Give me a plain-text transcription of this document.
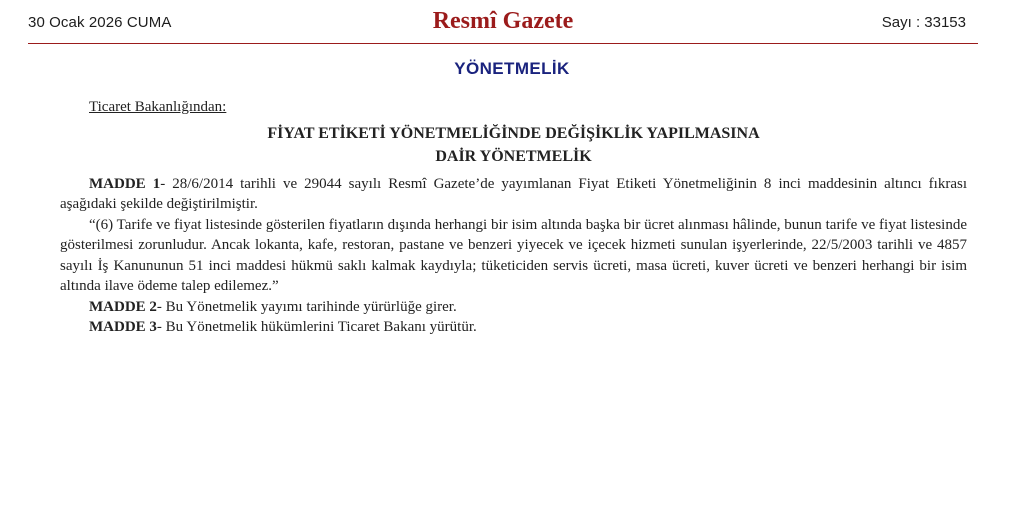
30 Ocak 2026 CUMA	Resmî Gazete	Sayı : 33153
YÖNETMELİK

Ticaret Bakanlığından:

FİYAT ETİKETİ YÖNETMELİĞİNDE DEĞİŞİKLİK YAPILMASINA
DAİR YÖNETMELİK

MADDE 1- 28/6/2014 tarihli ve 29044 sayılı Resmî Gazete’de yayımlanan Fiyat Etiketi Yönetmeliğinin 8 inci maddesinin altıncı fıkrası aşağıdaki şekilde değiştirilmiştir.

“(6) Tarife ve fiyat listesinde gösterilen fiyatların dışında herhangi bir isim altında başka bir ücret alınması hâlinde, bunun tarife ve fiyat listesinde gösterilmesi zorunludur. Ancak lokanta, kafe, restoran, pastane ve benzeri yiyecek ve içecek hizmeti sunulan işyerlerinde, 22/5/2003 tarihli ve 4857 sayılı İş Kanununun 51 inci maddesi hükmü saklı kalmak kaydıyla; tüketiciden servis ücreti, masa ücreti, kuver ücreti ve benzeri herhangi bir isim altında ilave ödeme talep edilemez.”

MADDE 2- Bu Yönetmelik yayımı tarihinde yürürlüğe girer.

MADDE 3- Bu Yönetmelik hükümlerini Ticaret Bakanı yürütür.
